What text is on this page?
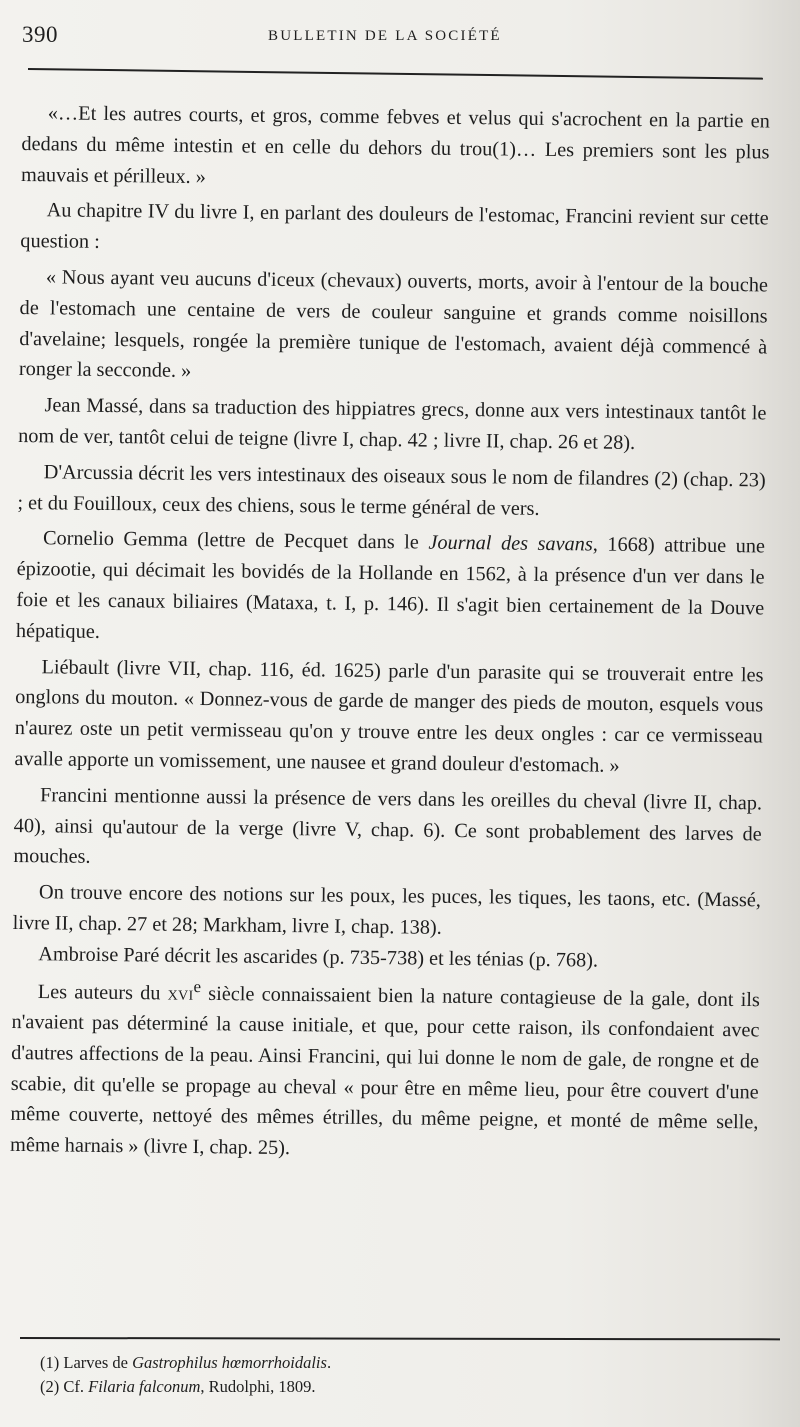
390	BULLETIN DE LA SOCIÉTÉ

«…Et les autres courts, et gros, comme febves et velus qui s'acrochent en la partie en dedans du même intestin et en celle du dehors du trou(1)… Les premiers sont les plus mauvais et périlleux. »

Au chapitre IV du livre I, en parlant des douleurs de l'estomac, Francini revient sur cette question :

« Nous ayant veu aucuns d'iceux (chevaux) ouverts, morts, avoir à l'entour de la bouche de l'estomach une centaine de vers de couleur sanguine et grands comme noisillons d'avelaine; lesquels, rongée la première tunique de l'estomach, avaient déjà commencé à ronger la secconde. »

Jean Massé, dans sa traduction des hippiatres grecs, donne aux vers intestinaux tantôt le nom de ver, tantôt celui de teigne (livre I, chap. 42 ; livre II, chap. 26 et 28).

D'Arcussia décrit les vers intestinaux des oiseaux sous le nom de filandres (2) (chap. 23) ; et du Fouilloux, ceux des chiens, sous le terme général de vers.

Cornelio Gemma (lettre de Pecquet dans le Journal des savans, 1668) attribue une épizootie, qui décimait les bovidés de la Hollande en 1562, à la présence d'un ver dans le foie et les canaux biliaires (Mataxa, t. I, p. 146). Il s'agit bien certainement de la Douve hépatique.

Liébault (livre VII, chap. 116, éd. 1625) parle d'un parasite qui se trouverait entre les onglons du mouton. « Donnez-vous de garde de manger des pieds de mouton, esquels vous n'aurez oste un petit vermisseau qu'on y trouve entre les deux ongles : car ce vermisseau avalle apporte un vomissement, une nausee et grand douleur d'estomach. »

Francini mentionne aussi la présence de vers dans les oreilles du cheval (livre II, chap. 40), ainsi qu'autour de la verge (livre V, chap. 6). Ce sont probablement des larves de mouches.

On trouve encore des notions sur les poux, les puces, les tiques, les taons, etc. (Massé, livre II, chap. 27 et 28; Markham, livre I, chap. 138).

Ambroise Paré décrit les ascarides (p. 735-738) et les ténias (p. 768).

Les auteurs du xvi$^e$ siècle connaissaient bien la nature contagieuse de la gale, dont ils n'avaient pas déterminé la cause initiale, et que, pour cette raison, ils confondaient avec d'autres affections de la peau. Ainsi Francini, qui lui donne le nom de gale, de rongne et de scabie, dit qu'elle se propage au cheval « pour être en même lieu, pour être couvert d'une même couverte, nettoyé des mêmes étrilles, du même peigne, et monté de même selle, même harnais » (livre I, chap. 25).

(1) Larves de Gastrophilus hœmorrhoidalis.
(2) Cf. Filaria falconum, Rudolphi, 1809.
